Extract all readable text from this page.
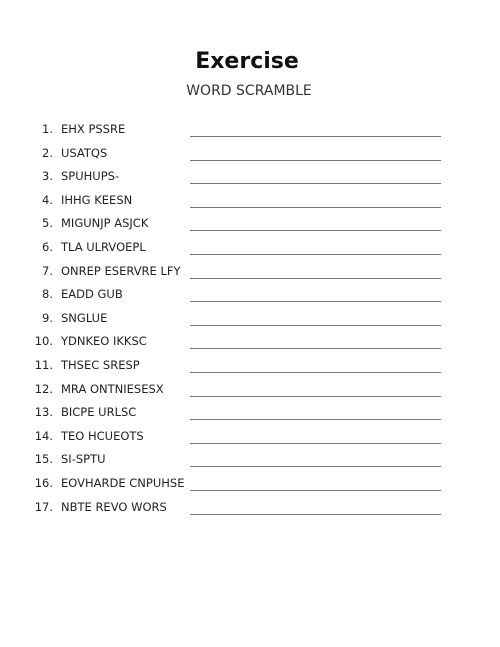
Exercise
WORD SCRAMBLE
1. EHX PSSRE
2. USATQS
3. SPUHUPS-
4. IHHG KEESN
5. MIGUNJP ASJCK
6. TLA ULRVOEPL
7. ONREP ESERVRE LFY
8. EADD GUB
9. SNGLUE
10. YDNKEO IKKSC
11. THSEC SRESP
12. MRA ONTNIESESX
13. BICPE URLSC
14. TEO HCUEOTS
15. SI-SPTU
16. EOVHARDE CNPUHSE
17. NBTE REVO WORS
